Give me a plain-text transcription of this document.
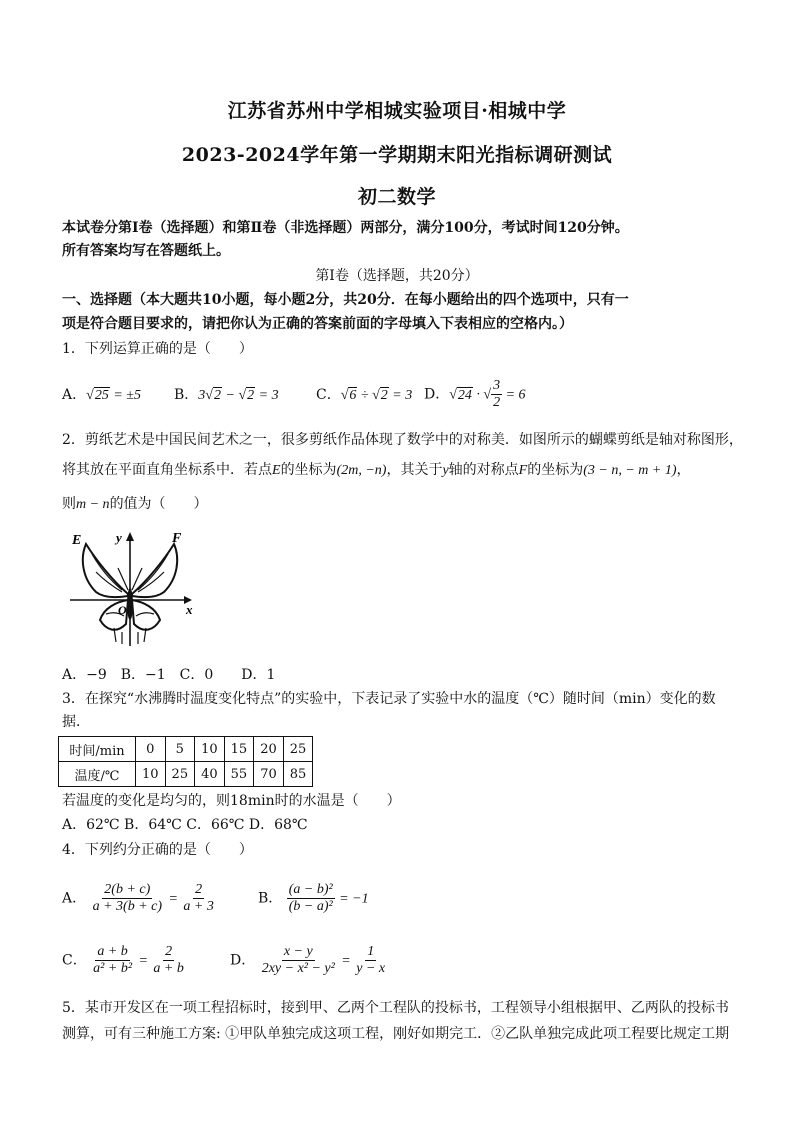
江苏省苏州中学相城实验项目·相城中学
2023-2024学年第一学期期末阳光指标调研测试
初二数学
本试卷分第Ⅰ卷（选择题）和第Ⅱ卷（非选择题）两部分，满分100分，考试时间120分钟。
所有答案均写在答题纸上。
第Ⅰ卷（选择题，共20分）
一、选择题（本大题共10小题，每小题2分，共20分．在每小题给出的四个选项中，只有一
项是符合题目要求的，请把你认为正确的答案前面的字母填入下表相应的空格内。）
1．下列运算正确的是（　　）
A．√25 = ±5 B．3√2 − √2 = 3	C．√6 ÷ √2 = 3 D．√24 · √ $\frac{3}{2} = 6$
2．剪纸艺术是中国民间艺术之一，很多剪纸作品体现了数学中的对称美．如图所示的蝴蝶剪纸是轴对称图形，
将其放在平面直角坐标系中．若点E的坐标为(2m, −n)，其关于y轴的对称点F的坐标为(3 − n, − m + 1)，
则m − n的值为（　　）
E	y	F
O	x
A．−9　B．−1　C．0　　D．1
3．在探究“水沸腾时温度变化特点”的实验中，下表记录了实验中水的温度（℃）随时间（min）变化的数
据．
时间/min	0	5	10	15	20	25
温度/℃	10	25	40	55	70	85
若温度的变化是均匀的，则18min时的水温是（　　）
A．62℃ B．64℃ C．66℃ D．68℃
4．下列约分正确的是（　　）
A． $\frac{2(b + c)}{a + 3(b + c)} = \frac{2}{a + 3}$	B． $\frac{\text{(a − b)²}}{\text{(b − a)²}} = -1$
C． $\frac{a + b}{\text{a² + b²}} = \frac{2}{a + b}$	D． $\frac{x - y}{\text{2xy − x² − y²}} = \frac{1}{y - x}$
5．某市开发区在一项工程招标时，接到甲、乙两个工程队的投标书，工程领导小组根据甲、乙两队的投标书
测算，可有三种施工方案: ①甲队单独完成这项工程，刚好如期完工．②乙队单独完成此项工程要比规定工期
